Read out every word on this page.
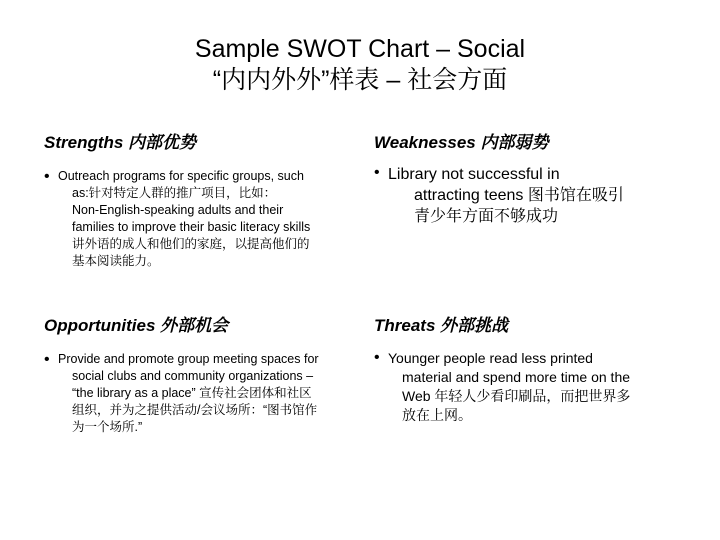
Sample SWOT Chart – Social
“内内外外”样表 – 社会方面
Strengths 内部优势
• Outreach programs for specific groups, such
as:针对特定人群的推广项目，比如：
Non-English-speaking adults and their
families to improve their basic literacy skills
讲外语的成人和他们的家庭，以提高他们的
基本阅读能力。
Weaknesses 内部弱势
• Library not successful in
attracting teens 图书馆在吸引
青少年方面不够成功
Opportunities 外部机会
• Provide and promote group meeting spaces for
social clubs and community organizations –
“the library as a place” 宣传社会团体和社区
组织，并为之提供活动/会议场所：“图书馆作
为一个场所.”
Threats 外部挑战
• Younger people read less printed
material and spend more time on the
Web 年轻人少看印刷品，而把世界多
放在上网。
